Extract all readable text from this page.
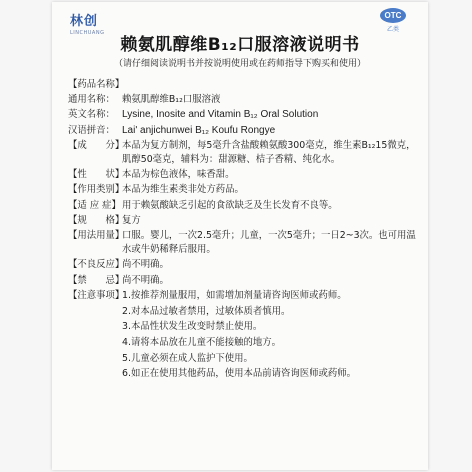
林创
LINCHUANG
OTC
乙类
赖氨肌醇维B₁₂口服溶液说明书
（请仔细阅读说明书并按说明使用或在药师指导下购买和使用）
【药品名称】
通用名称： 赖氨肌醇维B₁₂口服溶液
英文名称： Lysine, Inosite and Vitamin B₁₂ Oral Solution
汉语拼音： Lai' anjichunwei B₁₂ Koufu Rongye
【成　　分】
本品为复方制剂，每5毫升含盐酸赖氨酸300毫克，维生素B₁₂15微克，肌醇50毫克，辅料为：甜源糖、桔子香精、纯化水。
【性　　状】
本品为棕色液体，味香甜。
【作用类别】
本品为维生素类非处方药品。
【适 应 症】 用于赖氨酸缺乏引起的食欲缺乏及生长发育不良等。
【规　　格】
复方
【用法用量】
口服。婴儿，一次2.5毫升；儿童，一次5毫升；一日2~3次。也可用温水或牛奶稀释后服用。
【不良反应】
尚不明确。
【禁　　忌】
尚不明确。
【注意事项】
1.按推荐剂量服用，如需增加剂量请咨询医师或药师。
2.对本品过敏者禁用，过敏体质者慎用。
3.本品性状发生改变时禁止使用。
4.请将本品放在儿童不能接触的地方。
5.儿童必须在成人监护下使用。
6.如正在使用其他药品，使用本品前请咨询医师或药师。
